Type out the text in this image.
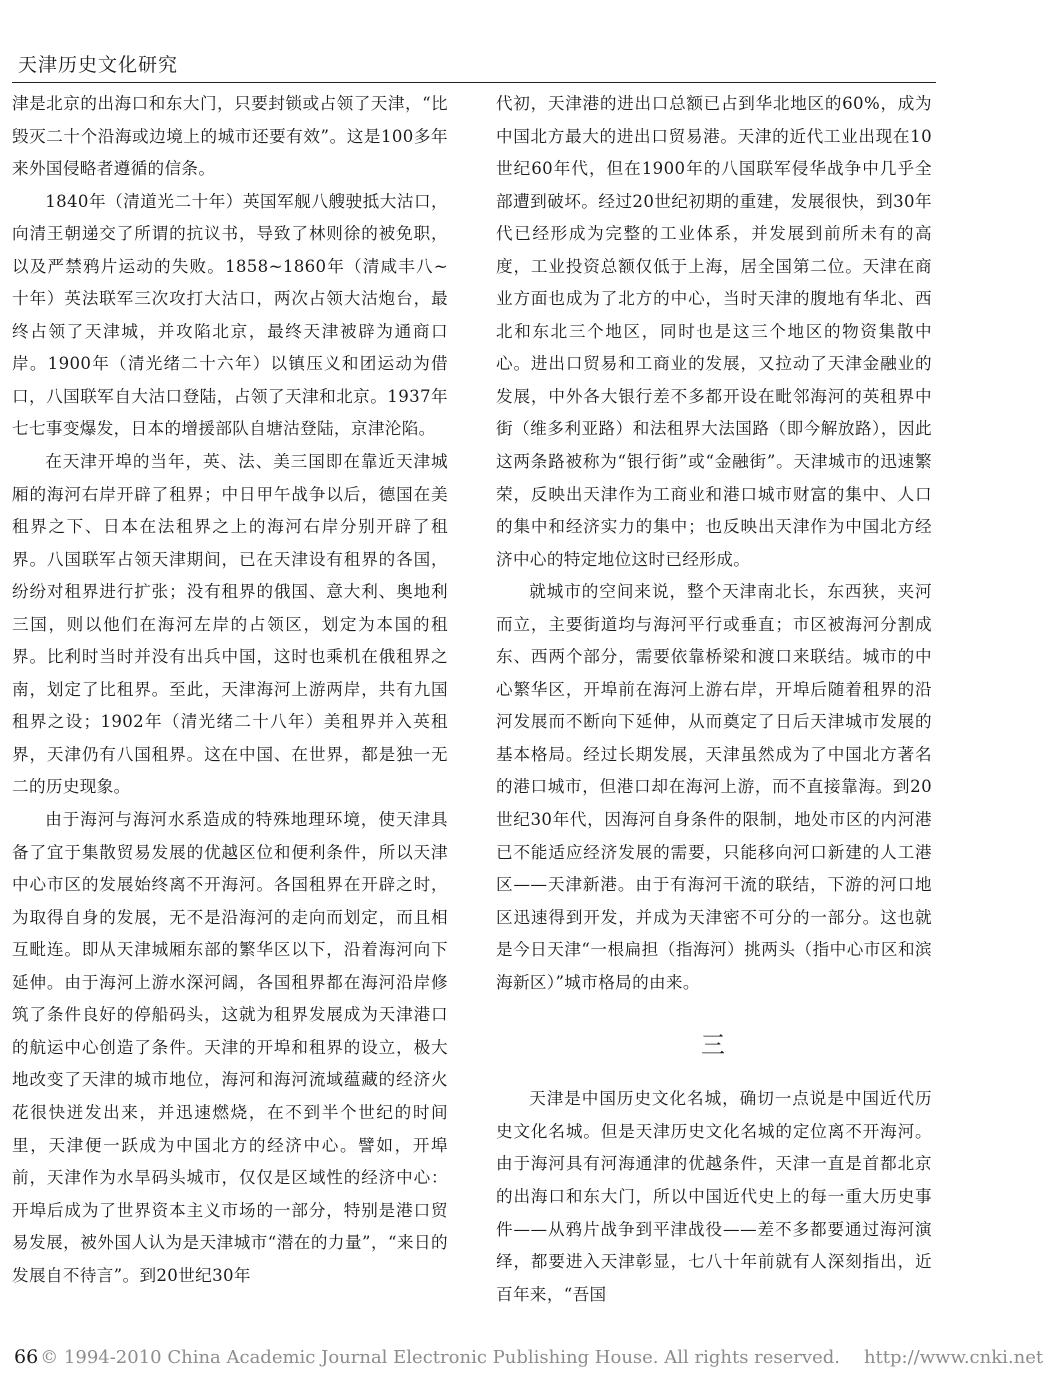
天津历史文化研究

津是北京的出海口和东大门，只要封锁或占领了天津，“比毁灭二十个沿海或边境上的城市还要有效”。这是100多年来外国侵略者遵循的信条。

1840年（清道光二十年）英国军舰八艘驶抵大沽口，向清王朝递交了所谓的抗议书，导致了林则徐的被免职，以及严禁鸦片运动的失败。1858~1860年（清咸丰八~十年）英法联军三次攻打大沽口，两次占领大沽炮台，最终占领了天津城，并攻陷北京，最终天津被辟为通商口岸。1900年（清光绪二十六年）以镇压义和团运动为借口，八国联军自大沽口登陆，占领了天津和北京。1937年七七事变爆发，日本的增援部队自塘沽登陆，京津沦陷。

在天津开埠的当年，英、法、美三国即在靠近天津城厢的海河右岸开辟了租界；中日甲午战争以后，德国在美租界之下、日本在法租界之上的海河右岸分别开辟了租界。八国联军占领天津期间，已在天津设有租界的各国，纷纷对租界进行扩张；没有租界的俄国、意大利、奥地利三国，则以他们在海河左岸的占领区，划定为本国的租界。比利时当时并没有出兵中国，这时也乘机在俄租界之南，划定了比租界。至此，天津海河上游两岸，共有九国租界之设；1902年（清光绪二十八年）美租界并入英租界，天津仍有八国租界。这在中国、在世界，都是独一无二的历史现象。

由于海河与海河水系造成的特殊地理环境，使天津具备了宜于集散贸易发展的优越区位和便利条件，所以天津中心市区的发展始终离不开海河。各国租界在开辟之时，为取得自身的发展，无不是沿海河的走向而划定，而且相互毗连。即从天津城厢东部的繁华区以下，沿着海河向下延伸。由于海河上游水深河阔，各国租界都在海河沿岸修筑了条件良好的停船码头，这就为租界发展成为天津港口的航运中心创造了条件。天津的开埠和租界的设立，极大地改变了天津的城市地位，海河和海河流域蕴藏的经济火花很快迸发出来，并迅速燃烧，在不到半个世纪的时间里，天津便一跃成为中国北方的经济中心。譬如，开埠前，天津作为水旱码头城市，仅仅是区域性的经济中心：开埠后成为了世界资本主义市场的一部分，特别是港口贸易发展，被外国人认为是天津城市“潜在的力量”，“来日的发展自不待言”。到20世纪30年

代初，天津港的进出口总额已占到华北地区的60%，成为中国北方最大的进出口贸易港。天津的近代工业出现在10世纪60年代，但在1900年的八国联军侵华战争中几乎全部遭到破坏。经过20世纪初期的重建，发展很快，到30年代已经形成为完整的工业体系，并发展到前所未有的高度，工业投资总额仅低于上海，居全国第二位。天津在商业方面也成为了北方的中心，当时天津的腹地有华北、西北和东北三个地区，同时也是这三个地区的物资集散中心。进出口贸易和工商业的发展，又拉动了天津金融业的发展，中外各大银行差不多都开设在毗邻海河的英租界中街（维多利亚路）和法租界大法国路（即今解放路），因此这两条路被称为“银行街”或“金融街”。天津城市的迅速繁荣，反映出天津作为工商业和港口城市财富的集中、人口的集中和经济实力的集中；也反映出天津作为中国北方经济中心的特定地位这时已经形成。

就城市的空间来说，整个天津南北长，东西狭，夹河而立，主要街道均与海河平行或垂直；市区被海河分割成东、西两个部分，需要依靠桥梁和渡口来联结。城市的中心繁华区，开埠前在海河上游右岸，开埠后随着租界的沿河发展而不断向下延伸，从而奠定了日后天津城市发展的基本格局。经过长期发展，天津虽然成为了中国北方著名的港口城市，但港口却在海河上游，而不直接靠海。到20世纪30年代，因海河自身条件的限制，地处市区的内河港已不能适应经济发展的需要，只能移向河口新建的人工港区——天津新港。由于有海河干流的联结，下游的河口地区迅速得到开发，并成为天津密不可分的一部分。这也就是今日天津“一根扁担（指海河）挑两头（指中心市区和滨海新区）”城市格局的由来。

三

天津是中国历史文化名城，确切一点说是中国近代历史文化名城。但是天津历史文化名城的定位离不开海河。由于海河具有河海通津的优越条件，天津一直是首都北京的出海口和东大门，所以中国近代史上的每一重大历史事件——从鸦片战争到平津战役——差不多都要通过海河演绎，都要进入天津彰显，七八十年前就有人深刻指出，近百年来，“吾国

66 © 1994-2010 China Academic Journal Electronic Publishing House. All rights reserved. http://www.cnki.net
